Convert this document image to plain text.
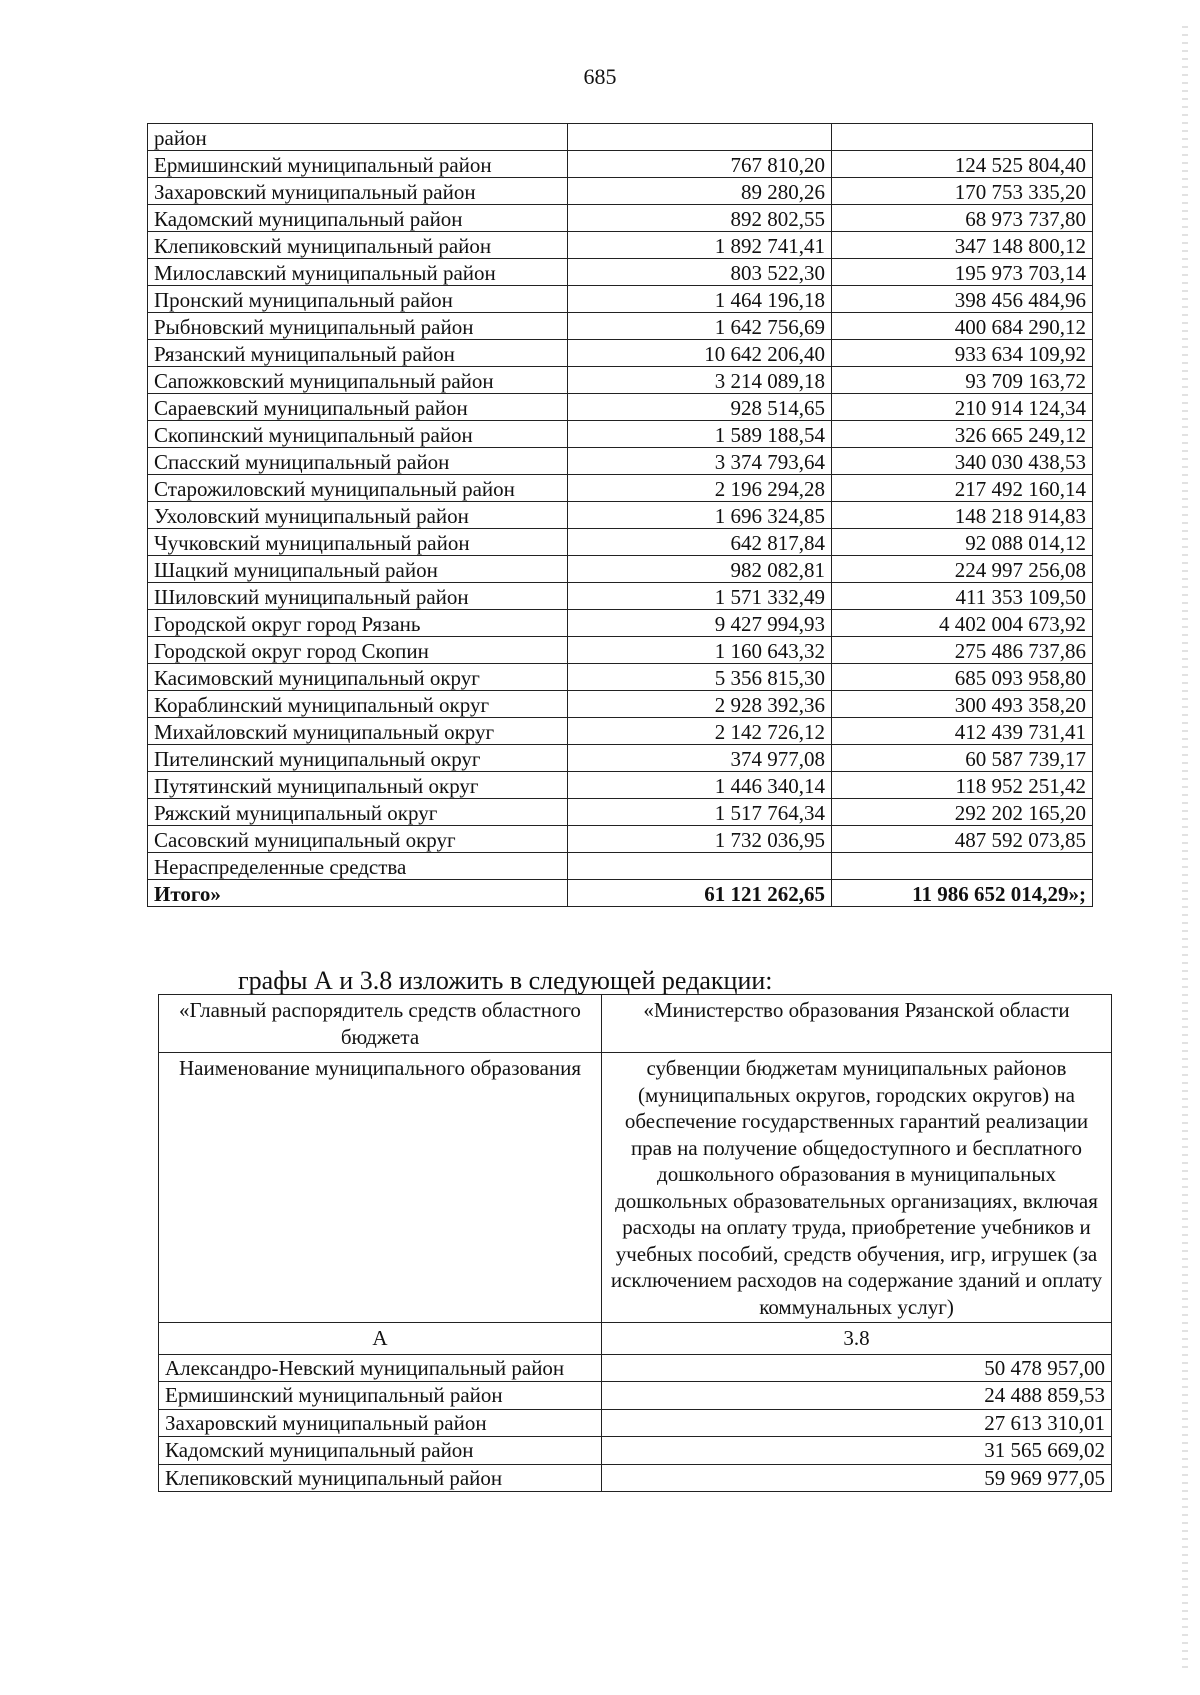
685
район		
Ермишинский муниципальный район	767 810,20	124 525 804,40
Захаровский муниципальный район	89 280,26	170 753 335,20
Кадомский муниципальный район	892 802,55	68 973 737,80
Клепиковский муниципальный район	1 892 741,41	347 148 800,12
Милославский муниципальный район	803 522,30	195 973 703,14
Пронский муниципальный район	1 464 196,18	398 456 484,96
Рыбновский муниципальный район	1 642 756,69	400 684 290,12
Рязанский муниципальный район	10 642 206,40	933 634 109,92
Сапожковский муниципальный район	3 214 089,18	93 709 163,72
Сараевский муниципальный район	928 514,65	210 914 124,34
Скопинский муниципальный район	1 589 188,54	326 665 249,12
Спасский муниципальный район	3 374 793,64	340 030 438,53
Старожиловский муниципальный район	2 196 294,28	217 492 160,14
Ухоловский муниципальный район	1 696 324,85	148 218 914,83
Чучковский муниципальный район	642 817,84	92 088 014,12
Шацкий муниципальный район	982 082,81	224 997 256,08
Шиловский муниципальный район	1 571 332,49	411 353 109,50
Городской округ город Рязань	9 427 994,93	4 402 004 673,92
Городской округ город Скопин	1 160 643,32	275 486 737,86
Касимовский муниципальный округ	5 356 815,30	685 093 958,80
Кораблинский муниципальный округ	2 928 392,36	300 493 358,20
Михайловский муниципальный округ	2 142 726,12	412 439 731,41
Пителинский муниципальный округ	374 977,08	60 587 739,17
Путятинский муниципальный округ	1 446 340,14	118 952 251,42
Ряжский муниципальный округ	1 517 764,34	292 202 165,20
Сасовский муниципальный округ	1 732 036,95	487 592 073,85
Нераспределенные средства		
Итого»	61 121 262,65	11 986 652 014,29»;
графы А и 3.8 изложить в следующей редакции:
«Главный распорядитель средств областного бюджета	«Министерство образования Рязанской области
Наименование муниципального образования	субвенции бюджетам муниципальных районов (муниципальных округов, городских округов) на обеспечение государственных гарантий реализации прав на получение общедоступного и бесплатного дошкольного образования в муниципальных дошкольных образовательных организациях, включая расходы на оплату труда, приобретение учебников и учебных пособий, средств обучения, игр, игрушек (за исключением расходов на содержание зданий и оплату коммунальных услуг)
А	3.8
Александро-Невский муниципальный район	50 478 957,00
Ермишинский муниципальный район	24 488 859,53
Захаровский муниципальный район	27 613 310,01
Кадомский муниципальный район	31 565 669,02
Клепиковский муниципальный район	59 969 977,05
